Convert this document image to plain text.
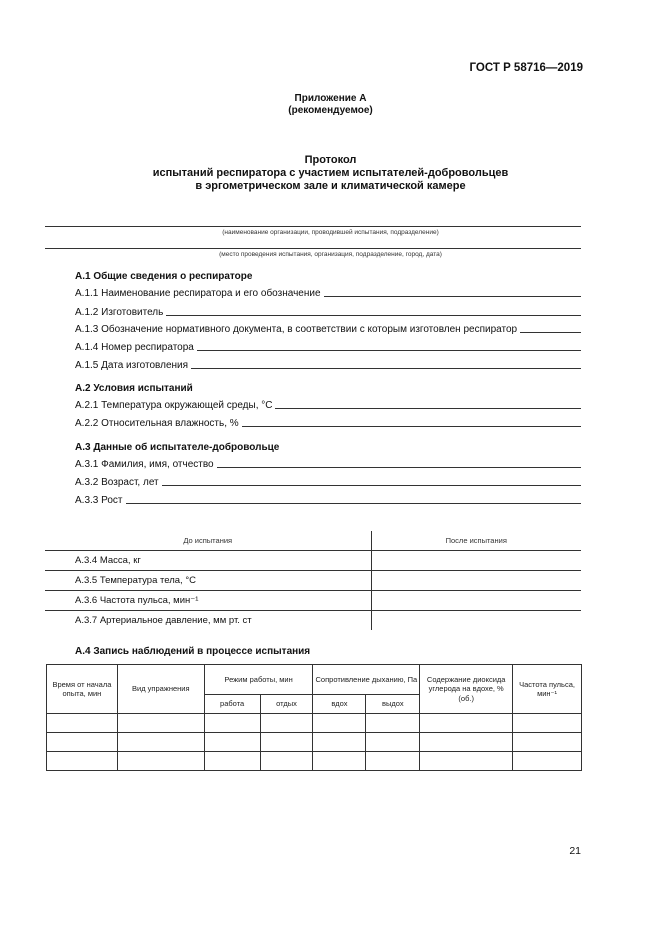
ГОСТ Р 58716—2019
Приложение А
(рекомендуемое)
Протокол
испытаний респиратора с участием испытателей-добровольцев
в эргометрическом зале и климатической камере
(наименование организации, проводившей испытания, подразделение)
(место проведения испытания, организация, подразделение, город, дата)
А.1 Общие сведения о респираторе
А.1.1 Наименование респиратора и его обозначение
А.1.2 Изготовитель
А.1.3 Обозначение нормативного документа, в соответствии с которым изготовлен респиратор
А.1.4 Номер респиратора
А.1.5 Дата изготовления
А.2 Условия испытаний
А.2.1 Температура окружающей среды, °С
А.2.2 Относительная влажность, %
А.3 Данные об испытателе-добровольце
А.3.1 Фамилия, имя, отчество
А.3.2 Возраст, лет
А.3.3 Рост
До испытания	После испытания
А.3.4 Масса, кг	
А.3.5 Температура тела, °С	
А.3.6 Частота пульса, мин⁻¹	
А.3.7 Артериальное давление, мм рт. ст	
А.4 Запись наблюдений в процессе испытания
Время от начала опыта, мин	Вид упражнения	Режим работы, мин		Сопротивление дыханию, Па		Содержание диоксида углерода на вдохе, % (об.)	Частота пульса, мин⁻¹
		работа	отдых	вдох	выдох		

21
